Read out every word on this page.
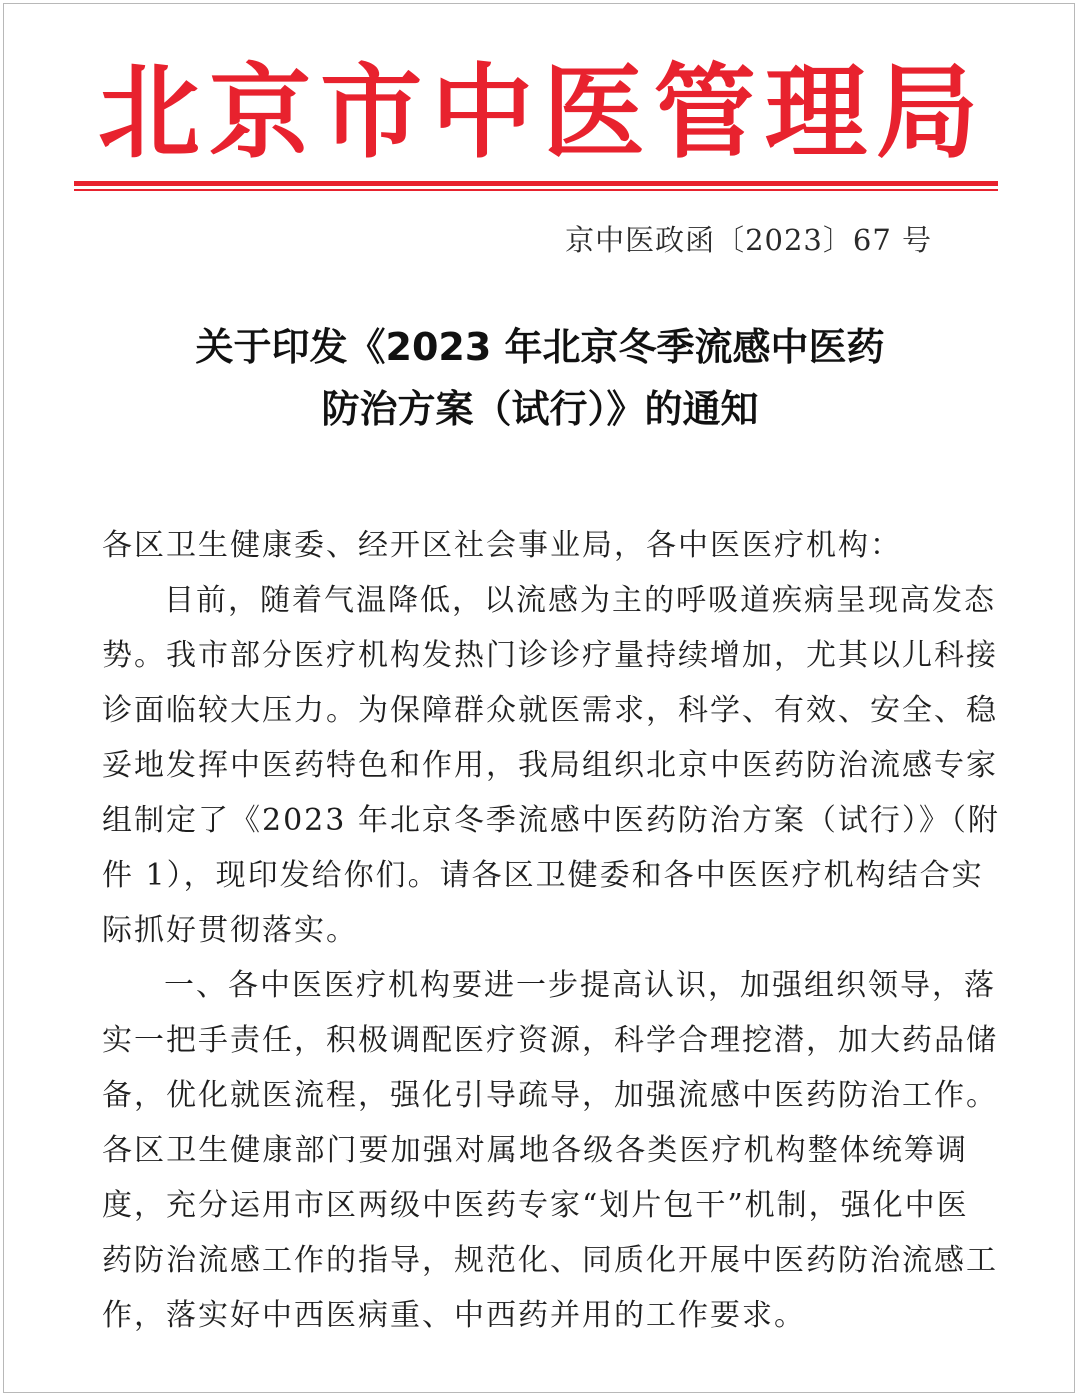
北 京 市 中 医 管 理 局
京中医政函〔2023〕67 号
关于印发《2023 年北京冬季流感中医药
防治方案（试行）》的通知
各区卫生健康委、经开区社会事业局，各中医医疗机构：
目前，随着气温降低，以流感为主的呼吸道疾病呈现高发态
势。我市部分医疗机构发热门诊诊疗量持续增加，尤其以儿科接
诊面临较大压力。为保障群众就医需求，科学、有效、安全、稳
妥地发挥中医药特色和作用，我局组织北京中医药防治流感专家
组制定了《2023 年北京冬季流感中医药防治方案（试行）》（附
件 1），现印发给你们。请各区卫健委和各中医医疗机构结合实
际抓好贯彻落实。
一、各中医医疗机构要进一步提高认识，加强组织领导，落
实一把手责任，积极调配医疗资源，科学合理挖潜，加大药品储
备，优化就医流程，强化引导疏导，加强流感中医药防治工作。
各区卫生健康部门要加强对属地各级各类医疗机构整体统筹调
度，充分运用市区两级中医药专家“划片包干”机制，强化中医
药防治流感工作的指导，规范化、同质化开展中医药防治流感工
作，落实好中西医病重、中西药并用的工作要求。
